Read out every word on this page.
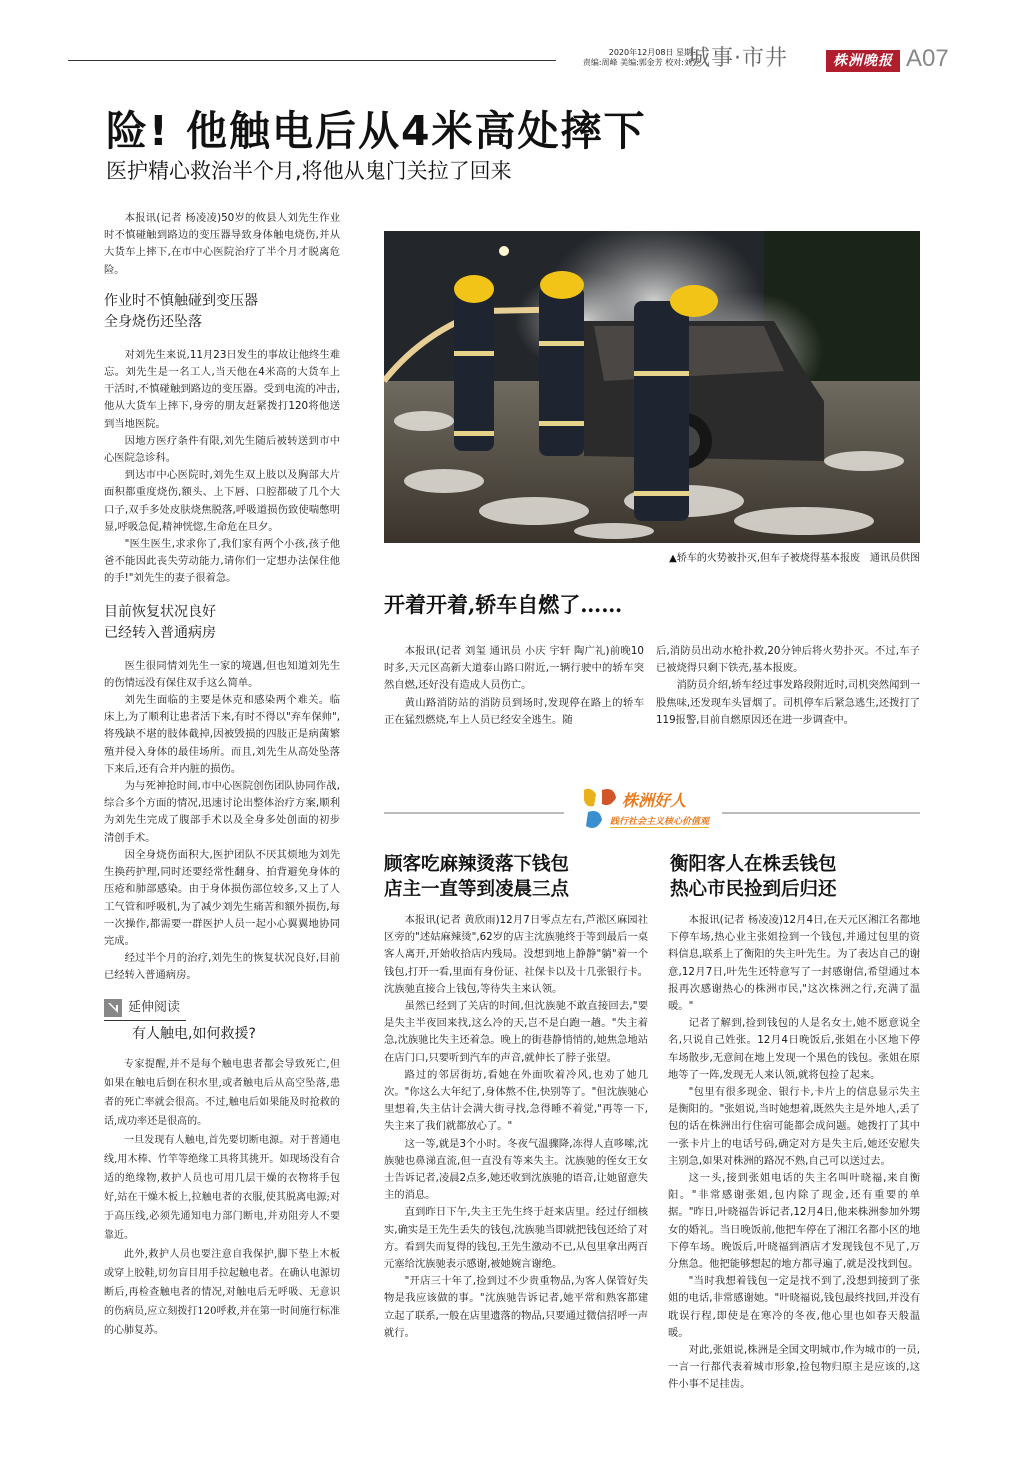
2020年12月08日 星期二
责编:周峰 美编:郭金芳 校对:刘昱
城事·市井	株洲晚报 A07
险! 他触电后从4米高处摔下
医护精心救治半个月,将他从鬼门关拉了回来

本报讯(记者 杨凌凌)50岁的攸县人刘先生作业时不慎碰触到路边的变压器导致身体触电烧伤,并从大货车上摔下,在市中心医院治疗了半个月才脱离危险。

作业时不慎触碰到变压器

全身烧伤还坠落

对刘先生来说,11月23日发生的事故让他终生难忘。刘先生是一名工人,当天他在4米高的大货车上干活时,不慎碰触到路边的变压器。受到电流的冲击,他从大货车上摔下,身旁的朋友赶紧拨打120将他送到当地医院。

因地方医疗条件有限,刘先生随后被转送到市中心医院急诊科。

到达市中心医院时,刘先生双上肢以及胸部大片面积都重度烧伤,额头、上下唇、口腔都破了几个大口子,双手多处皮肤烧焦脱落,呼吸道损伤致使喘憋明显,呼吸急促,精神恍惚,生命危在旦夕。

"医生医生,求求你了,我们家有两个小孩,孩子他爸不能因此丧失劳动能力,请你们一定想办法保住他的手!"刘先生的妻子很着急。

目前恢复状况良好

已经转入普通病房

医生很同情刘先生一家的境遇,但也知道刘先生的伤情远没有保住双手这么简单。

刘先生面临的主要是休克和感染两个难关。临床上,为了顺利让患者活下来,有时不得以"弃车保帅",将残缺不堪的肢体截掉,因被毁损的四肢正是病菌繁殖并侵入身体的最佳场所。而且,刘先生从高处坠落下来后,还有合并内脏的损伤。

为与死神抢时间,市中心医院创伤团队协同作战,综合多个方面的情况,迅速讨论出整体治疗方案,顺利为刘先生完成了腹部手术以及全身多处创面的初步清创手术。

因全身烧伤面积大,医护团队不厌其烦地为刘先生换药护理,同时还要经常性翻身、拍背避免身体的压疮和肺部感染。由于身体损伤部位较多,又上了人工气管和呼吸机,为了减少刘先生痛苦和额外损伤,每一次操作,都需要一群医护人员一起小心翼翼地协同完成。

经过半个月的治疗,刘先生的恢复状况良好,目前已经转入普通病房。

延伸阅读

有人触电,如何救援?

专家提醒,并不是每个触电患者都会导致死亡,但如果在触电后倒在积水里,或者触电后从高空坠落,患者的死亡率就会很高。不过,触电后如果能及时抢救的话,成功率还是很高的。

一旦发现有人触电,首先要切断电源。对于普通电线,用木棒、竹竿等绝缘工具将其挑开。如现场没有合适的绝缘物,救护人员也可用几层干燥的衣物将手包好,站在干燥木板上,拉触电者的衣服,使其脱离电源;对于高压线,必须先通知电力部门断电,并劝阻旁人不要靠近。

此外,救护人员也要注意自我保护,脚下垫上木板或穿上胶鞋,切勿盲目用手拉起触电者。在确认电源切断后,再检查触电者的情况,对触电后无呼吸、无意识的伤病员,应立刻拨打120呼救,并在第一时间施行标准的心肺复苏。

▲轿车的火势被扑灭,但车子被烧得基本报废　通讯员供图
开着开着,轿车自燃了……

本报讯(记者 刘玺 通讯员 小庆 宇轩 陶广礼)前晚10时多,天元区高新大道泰山路口附近,一辆行驶中的轿车突然自燃,还好没有造成人员伤亡。

黄山路消防站的消防员到场时,发现停在路上的轿车正在猛烈燃烧,车上人员已经安全逃生。随

后,消防员出动水枪扑救,20分钟后将火势扑灭。不过,车子已被烧得只剩下铁壳,基本报废。

消防员介绍,轿车经过事发路段附近时,司机突然闻到一股焦味,还发现车头冒烟了。司机停车后紧急逃生,还拨打了119报警,目前自燃原因还在进一步调查中。

株洲好人
践行社会主义核心价值观
顾客吃麻辣烫落下钱包
店主一直等到凌晨三点

本报讯(记者 黄欣雨)12月7日零点左右,芦淞区麻园社区旁的"述姑麻辣烫",62岁的店主沈族驰终于等到最后一桌客人离开,开始收拾店内残局。没想到地上静静"躺"着一个钱包,打开一看,里面有身份证、社保卡以及十几张银行卡。沈族驰直接合上钱包,等待失主来认领。

虽然已经到了关店的时间,但沈族驰不敢直接回去,"要是失主半夜回来找,这么冷的天,岂不是白跑一趟。"失主着急,沈族驰比失主还着急。晚上的街巷静悄悄的,她焦急地站在店门口,只要听到汽车的声音,就伸长了脖子张望。

路过的邻居街坊,看她在外面吹着冷风,也劝了她几次。"你这么大年纪了,身体熬不住,快别等了。"但沈族驰心里想着,失主估计会满大街寻找,急得睡不着觉,"再等一下,失主来了我们就都放心了。"

这一等,就是3个小时。冬夜气温骤降,冻得人直哆嗦,沈族驰也鼻涕直流,但一直没有等来失主。沈族驰的侄女王女士告诉记者,凌晨2点多,她还收到沈族驰的语音,让她留意失主的消息。

直到昨日下午,失主王先生终于赶来店里。经过仔细核实,确实是王先生丢失的钱包,沈族驰当即就把钱包还给了对方。看到失而复得的钱包,王先生激动不已,从包里拿出两百元塞给沈族驰表示感谢,被她婉言谢绝。

"开店三十年了,捡到过不少贵重物品,为客人保管好失物是我应该做的事。"沈族驰告诉记者,她平常和熟客都建立起了联系,一般在店里遗落的物品,只要通过微信招呼一声就行。

衡阳客人在株丢钱包
热心市民捡到后归还

本报讯(记者 杨凌凌)12月4日,在天元区湘江名都地下停车场,热心业主张姐捡到一个钱包,并通过包里的资料信息,联系上了衡阳的失主叶先生。为了表达自己的谢意,12月7日,叶先生还特意写了一封感谢信,希望通过本报再次感谢热心的株洲市民,"这次株洲之行,充满了温暖。"

记者了解到,捡到钱包的人是名女士,她不愿意说全名,只说自己姓张。12月4日晚饭后,张姐在小区地下停车场散步,无意间在地上发现一个黑色的钱包。张姐在原地等了一阵,发现无人来认领,就将包捡了起来。

"包里有很多现金、银行卡,卡片上的信息显示失主是衡阳的。"张姐说,当时她想着,既然失主是外地人,丢了包的话在株洲出行住宿可能都会成问题。她拨打了其中一张卡片上的电话号码,确定对方是失主后,她还安慰失主别急,如果对株洲的路况不熟,自己可以送过去。

这一头,接到张姐电话的失主名叫叶晓福,来自衡阳。"非常感谢张姐,包内除了现金,还有重要的单据。"昨日,叶晓福告诉记者,12月4日,他来株洲参加外甥女的婚礼。当日晚饭前,他把车停在了湘江名都小区的地下停车场。晚饭后,叶晓福到酒店才发现钱包不见了,万分焦急。他把能够想起的地方都寻遍了,就是没找到包。

"当时我想着钱包一定是找不到了,没想到接到了张姐的电话,非常感谢她。"叶晓福说,钱包最终找回,并没有耽误行程,即使是在寒冷的冬夜,他心里也如春天般温暖。

对此,张姐说,株洲是全国文明城市,作为城市的一员,一言一行都代表着城市形象,捡包物归原主是应该的,这件小事不足挂齿。
